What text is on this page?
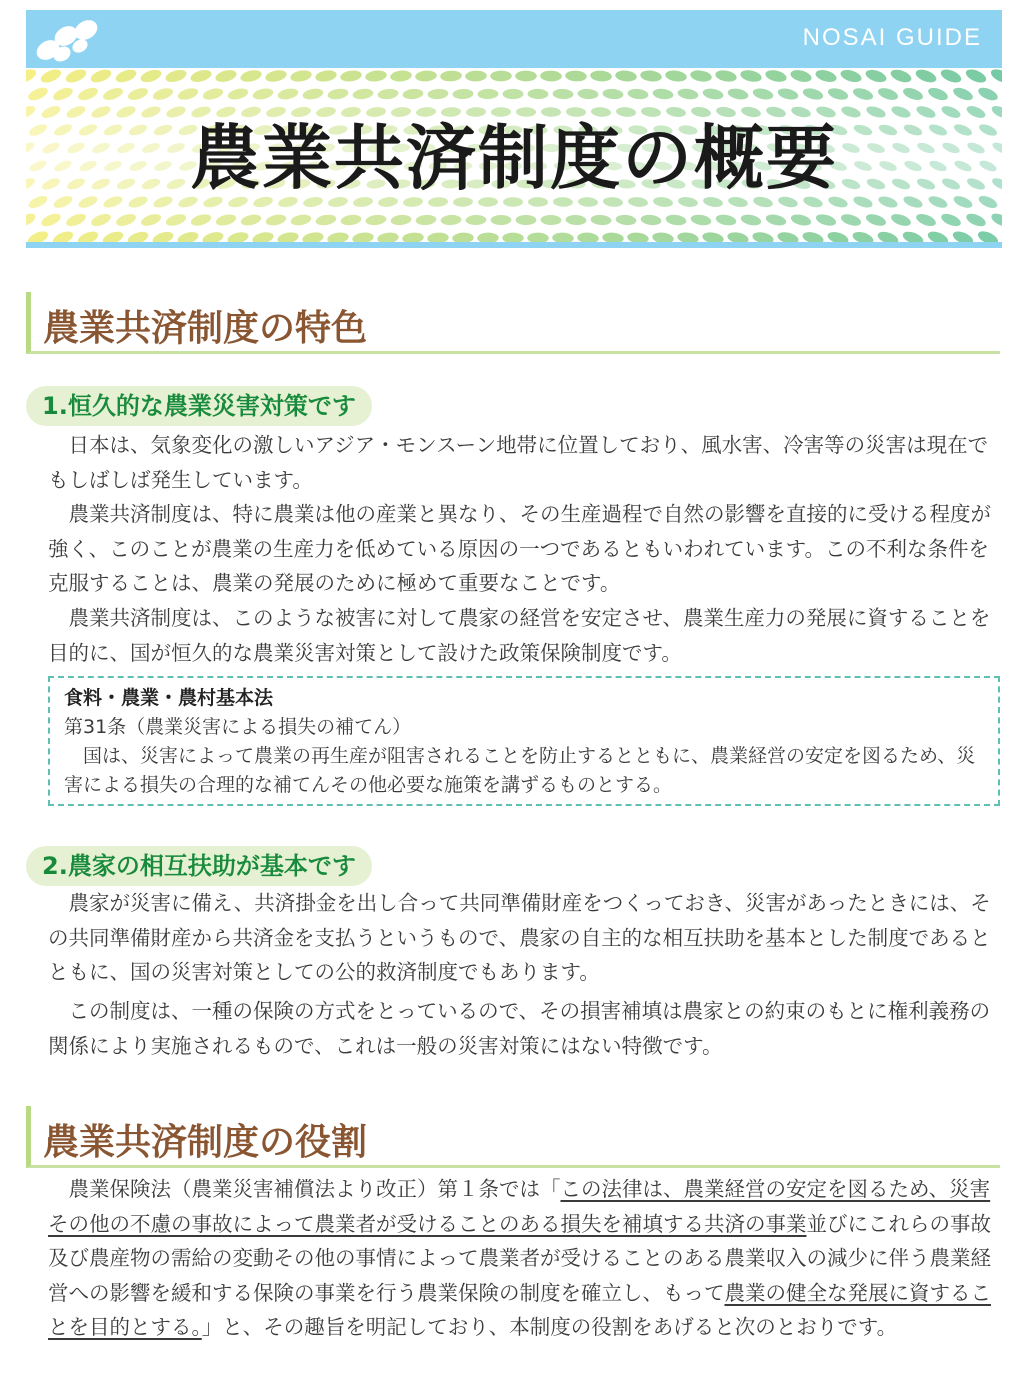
NOSAI GUIDE
農業共済制度の概要
農業共済制度の特色
1.恒久的な農業災害対策です

日本は、気象変化の激しいアジア・モンスーン地帯に位置しており、風水害、冷害等の災害は現在でもしばしば発生しています。

農業共済制度は、特に農業は他の産業と異なり、その生産過程で自然の影響を直接的に受ける程度が強く、このことが農業の生産力を低めている原因の一つであるともいわれています。この不利な条件を克服することは、農業の発展のために極めて重要なことです。

農業共済制度は、このような被害に対して農家の経営を安定させ、農業生産力の発展に資することを目的に、国が恒久的な農業災害対策として設けた政策保険制度です。

食料・農業・農村基本法
第31条（農業災害による損失の補てん）
国は、災害によって農業の再生産が阻害されることを防止するとともに、農業経営の安定を図るため、災害による損失の合理的な補てんその他必要な施策を講ずるものとする。
2.農家の相互扶助が基本です

農家が災害に備え、共済掛金を出し合って共同準備財産をつくっておき、災害があったときには、その共同準備財産から共済金を支払うというもので、農家の自主的な相互扶助を基本とした制度であるとともに、国の災害対策としての公的救済制度でもあります。

この制度は、一種の保険の方式をとっているので、その損害補填は農家との約束のもとに権利義務の関係により実施されるもので、これは一般の災害対策にはない特徴です。

農業共済制度の役割

農業保険法（農業災害補償法より改正）第１条では「この法律は、農業経営の安定を図るため、災害その他の不慮の事故によって農業者が受けることのある損失を補填する共済の事業並びにこれらの事故及び農産物の需給の変動その他の事情によって農業者が受けることのある農業収入の減少に伴う農業経営への影響を緩和する保険の事業を行う農業保険の制度を確立し、もって農業の健全な発展に資することを目的とする。」と、その趣旨を明記しており、本制度の役割をあげると次のとおりです。
